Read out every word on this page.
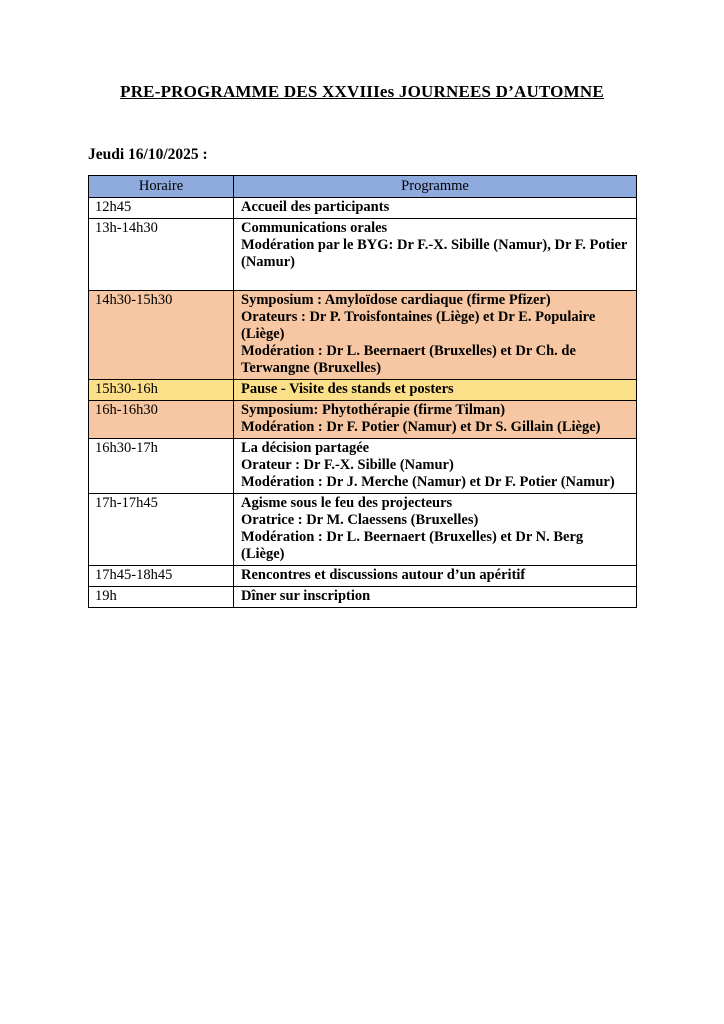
PRE-PROGRAMME DES XXVIIIes JOURNEES D’AUTOMNE

Jeudi 16/10/2025 :

Horaire	Programme
12h45	Accueil des participants

13h-14h30	Communications orales
Modération par le BYG: Dr F.-X. Sibille (Namur), Dr F. Potier
(Namur)

14h30-15h30	Symposium : Amyloïdose cardiaque (firme Pfizer)
Orateurs : Dr P. Troisfontaines (Liège) et Dr E. Populaire
(Liège)
Modération : Dr L. Beernaert (Bruxelles) et Dr Ch. de
Terwangne (Bruxelles)

15h30-16h	Pause - Visite des stands et posters

16h-16h30	Symposium: Phytothérapie (firme Tilman)
Modération : Dr F. Potier (Namur) et Dr S. Gillain (Liège)

16h30-17h	La décision partagée
Orateur : Dr F.-X. Sibille (Namur)
Modération : Dr J. Merche (Namur) et Dr F. Potier (Namur)

17h-17h45	Agisme sous le feu des projecteurs
Oratrice : Dr M. Claessens (Bruxelles)
Modération : Dr L. Beernaert (Bruxelles) et Dr N. Berg (Liège)

17h45-18h45	Rencontres et discussions autour d’un apéritif

19h	Dîner sur inscription
